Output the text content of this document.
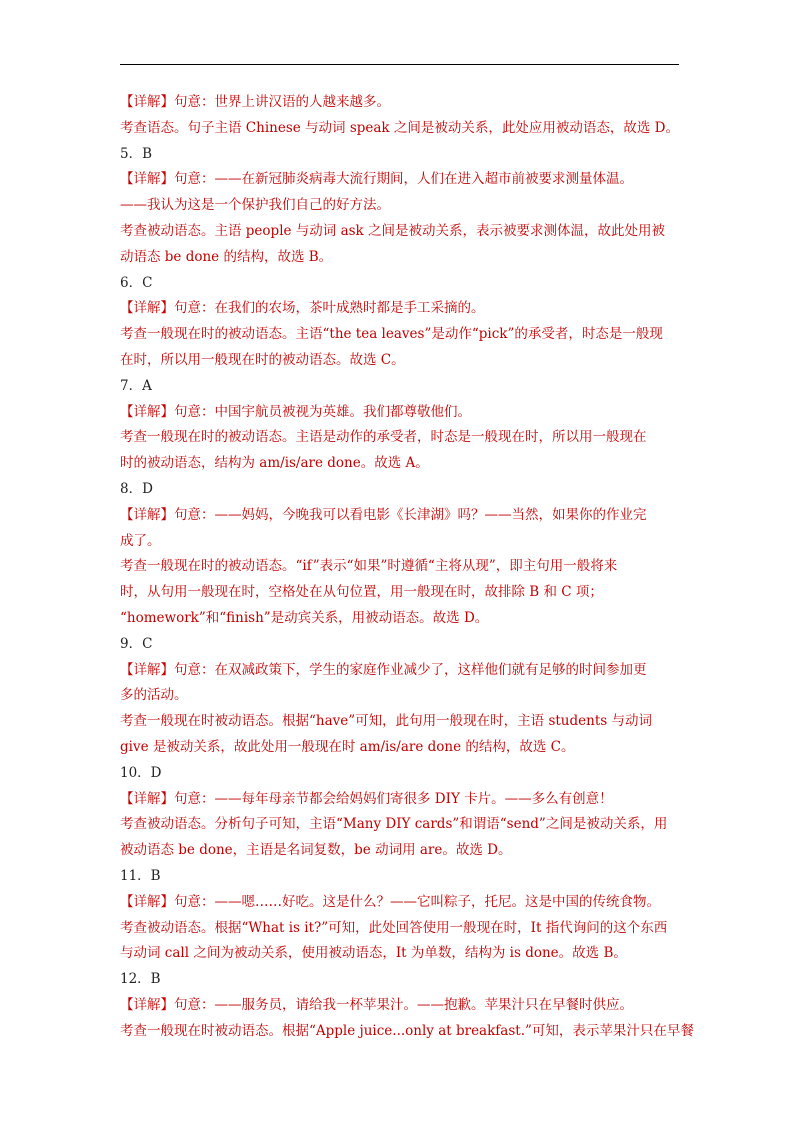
【详解】句意：世界上讲汉语的人越来越多。
考查语态。句子主语 Chinese 与动词 speak 之间是被动关系，此处应用被动语态，故选 D。
5．B
【详解】句意：——在新冠肺炎病毒大流行期间，人们在进入超市前被要求测量体温。
——我认为这是一个保护我们自己的好方法。
考查被动语态。主语 people 与动词 ask 之间是被动关系，表示被要求测体温，故此处用被
动语态 be done 的结构，故选 B。
6．C
【详解】句意：在我们的农场，茶叶成熟时都是手工采摘的。
考查一般现在时的被动语态。主语“the tea leaves”是动作“pick”的承受者，时态是一般现
在时，所以用一般现在时的被动语态。故选 C。
7．A
【详解】句意：中国宇航员被视为英雄。我们都尊敬他们。
考查一般现在时的被动语态。主语是动作的承受者，时态是一般现在时，所以用一般现在
时的被动语态，结构为 am/is/are done。故选 A。
8．D
【详解】句意：——妈妈，今晚我可以看电影《长津湖》吗？——当然，如果你的作业完
成了。
考查一般现在时的被动语态。“if”表示“如果”时遵循“主将从现”，即主句用一般将来
时，从句用一般现在时，空格处在从句位置，用一般现在时，故排除 B 和 C 项；
“homework”和“finish”是动宾关系，用被动语态。故选 D。
9．C
【详解】句意：在双减政策下，学生的家庭作业减少了，这样他们就有足够的时间参加更
多的活动。
考查一般现在时被动语态。根据“have”可知，此句用一般现在时，主语 students 与动词
give 是被动关系，故此处用一般现在时 am/is/are done 的结构，故选 C。
10．D
【详解】句意：——每年母亲节都会给妈妈们寄很多 DIY 卡片。——多么有创意！
考查被动语态。分析句子可知，主语“Many DIY cards”和谓语“send”之间是被动关系，用
被动语态 be done，主语是名词复数，be 动词用 are。故选 D。
11．B
【详解】句意：——嗯……好吃。这是什么？——它叫粽子，托尼。这是中国的传统食物。
考查被动语态。根据“What is it?”可知，此处回答使用一般现在时，It 指代询问的这个东西
与动词 call 之间为被动关系，使用被动语态，It 为单数，结构为 is done。故选 B。
12．B
【详解】句意：——服务员，请给我一杯苹果汁。——抱歉。苹果汁只在早餐时供应。
考查一般现在时被动语态。根据“Apple juice...only at breakfast.”可知，表示苹果汁只在早餐
